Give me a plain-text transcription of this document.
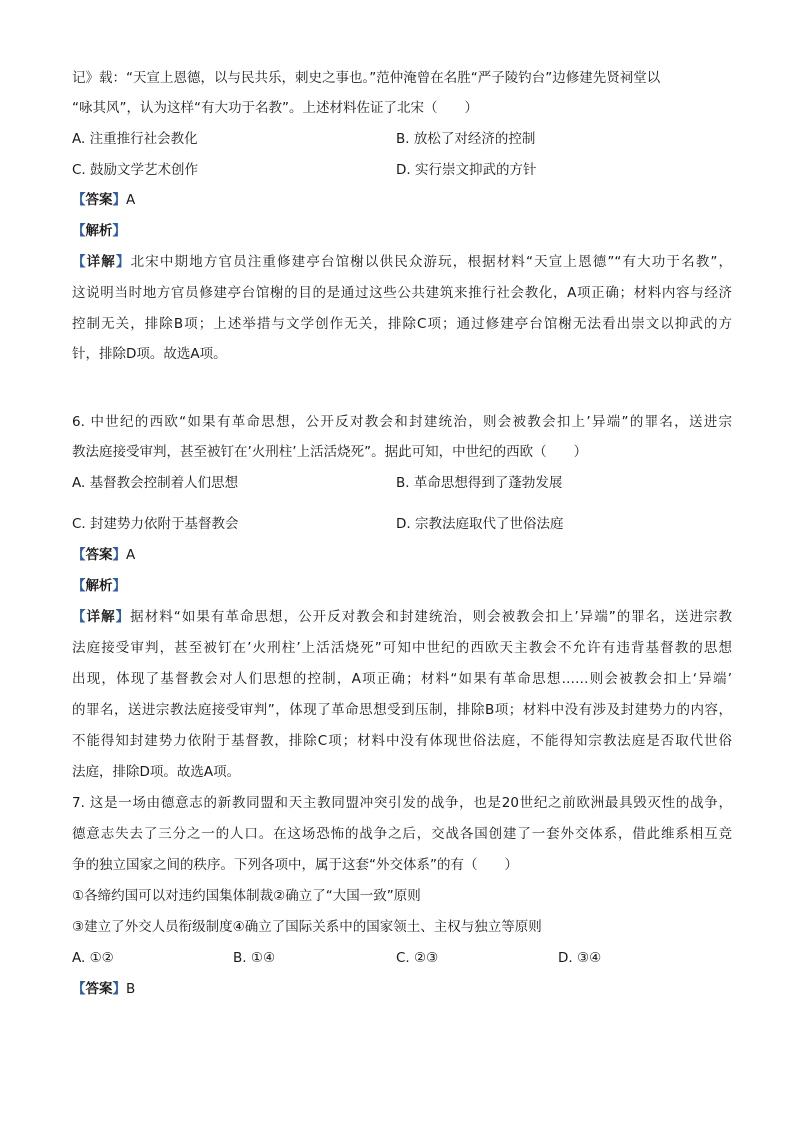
记》载：“天宣上恩德，以与民共乐，刺史之事也。”范仲淹曾在名胜“严子陵钓台”边修建先贤祠堂以
“咏其风”，认为这样“有大功于名教”。上述材料佐证了北宋（　　）
A. 注重推行社会教化	B. 放松了对经济的控制
C. 鼓励文学艺术创作	D. 实行崇文抑武的方针
【答案】A
【解析】
【详解】北宋中期地方官员注重修建亭台馆榭以供民众游玩，根据材料“天宣上恩德”“有大功于名教”，
这说明当时地方官员修建亭台馆榭的目的是通过这些公共建筑来推行社会教化，A项正确；材料内容与经济
控制无关，排除B项；上述举措与文学创作无关，排除C项；通过修建亭台馆榭无法看出崇文以抑武的方
针，排除D项。故选A项。
6. 中世纪的西欧“如果有革命思想，公开反对教会和封建统治，则会被教会扣上’异端”的罪名，送进宗
教法庭接受审判，甚至被钉在’火刑柱’上活活烧死”。据此可知，中世纪的西欧（　　）
A. 基督教会控制着人们思想	B. 革命思想得到了蓬勃发展
C. 封建势力依附于基督教会	D. 宗教法庭取代了世俗法庭
【答案】A
【解析】
【详解】据材料“如果有革命思想，公开反对教会和封建统治，则会被教会扣上’异端”的罪名，送进宗教
法庭接受审判，甚至被钉在’火刑柱’上活活烧死”可知中世纪的西欧天主教会不允许有违背基督教的思想
出现，体现了基督教会对人们思想的控制，A项正确；材料“如果有革命思想……则会被教会扣上‘异端’
的罪名，送进宗教法庭接受审判”，体现了革命思想受到压制，排除B项；材料中没有涉及封建势力的内容，
不能得知封建势力依附于基督教，排除C项；材料中没有体现世俗法庭，不能得知宗教法庭是否取代世俗
法庭，排除D项。故选A项。
7. 这是一场由德意志的新教同盟和天主教同盟冲突引发的战争，也是20世纪之前欧洲最具毁灭性的战争，
德意志失去了三分之一的人口。在这场恐怖的战争之后，交战各国创建了一套外交体系，借此维系相互竞
争的独立国家之间的秩序。下列各项中，属于这套“外交体系”的有（　　）
①各缔约国可以对违约国集体制裁②确立了“大国一致”原则
③建立了外交人员衔级制度④确立了国际关系中的国家领土、主权与独立等原则
A. ①②	B. ①④	C. ②③	D. ③④
【答案】B
